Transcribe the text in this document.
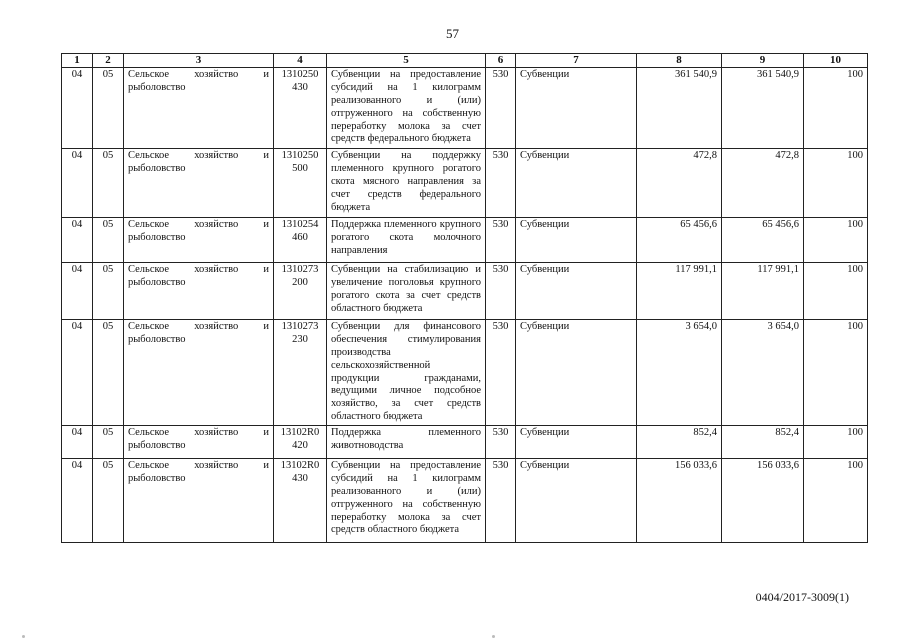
57
1	2	3	4	5	6	7	8	9	10
04	05	Сельское хозяйство и рыболовство	1310250 430	Субвенции на предоставление субсидий на 1 килограмм реализованного и (или) отгруженного на собственную переработку молока за счет средств федерального бюджета	530	Субвенции	361 540,9	361 540,9	100
04	05	Сельское хозяйство и рыболовство	1310250 500	Субвенции на поддержку племенного крупного рогатого скота мясного направления за счет средств федерального бюджета	530	Субвенции	472,8	472,8	100
04	05	Сельское хозяйство и рыболовство	1310254 460	Поддержка племенного крупного рогатого скота молочного направления	530	Субвенции	65 456,6	65 456,6	100
04	05	Сельское хозяйство и рыболовство	1310273 200	Субвенции на стабилизацию и увеличение поголовья крупного рогатого скота за счет средств областного бюджета	530	Субвенции	117 991,1	117 991,1	100
04	05	Сельское хозяйство и рыболовство	1310273 230	Субвенции для финансового обеспечения стимулирования производства сельскохозяйственной продукции гражданами, ведущими личное подсобное хозяйство, за счет средств областного бюджета	530	Субвенции	3 654,0	3 654,0	100
04	05	Сельское хозяйство и рыболовство	13102R0 420	Поддержка племенного животноводства	530	Субвенции	852,4	852,4	100
04	05	Сельское хозяйство и рыболовство	13102R0 430	Субвенции на предоставление субсидий на 1 килограмм реализованного и (или) отгруженного на собственную переработку молока за счет средств областного бюджета	530	Субвенции	156 033,6	156 033,6	100
0404/2017-3009(1)
